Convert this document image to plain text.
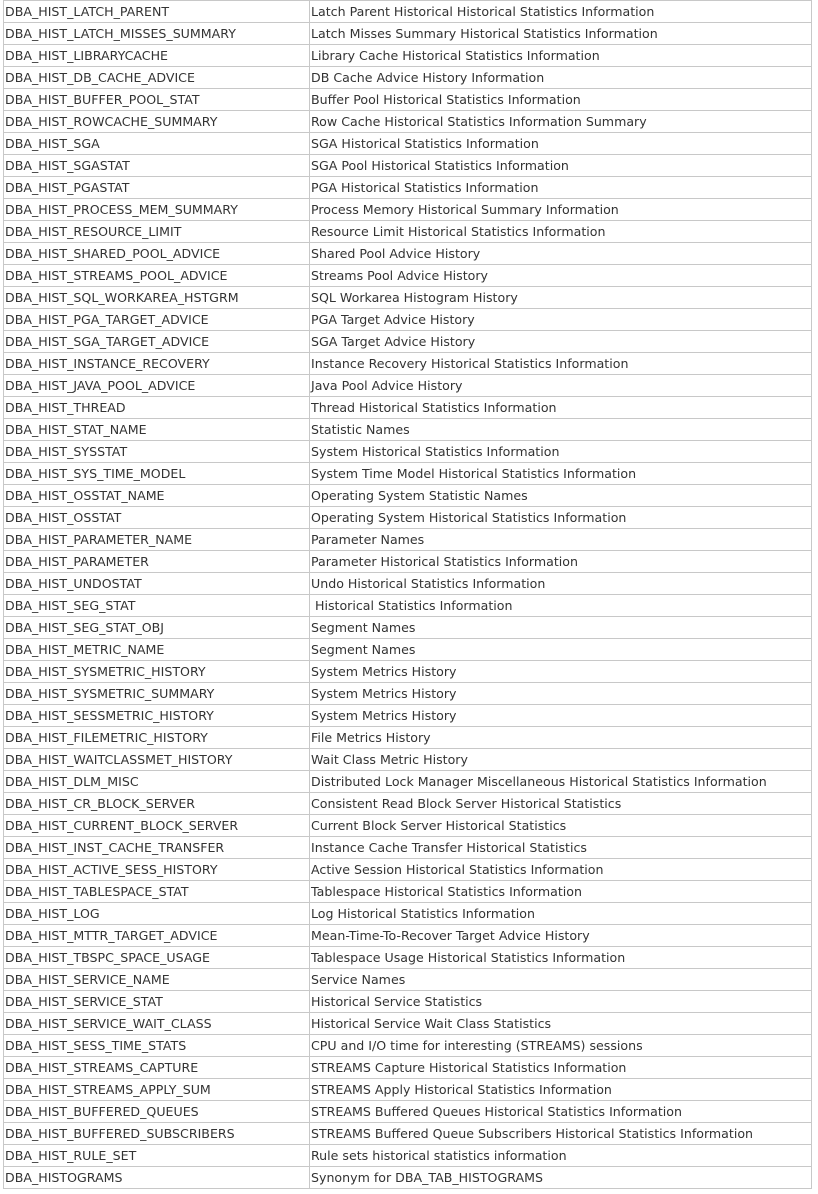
DBA_HIST_LATCH_PARENT	Latch Parent Historical Historical Statistics Information
DBA_HIST_LATCH_MISSES_SUMMARY	Latch Misses Summary Historical Statistics Information
DBA_HIST_LIBRARYCACHE	Library Cache Historical Statistics Information
DBA_HIST_DB_CACHE_ADVICE	DB Cache Advice History Information
DBA_HIST_BUFFER_POOL_STAT	Buffer Pool Historical Statistics Information
DBA_HIST_ROWCACHE_SUMMARY	Row Cache Historical Statistics Information Summary
DBA_HIST_SGA	SGA Historical Statistics Information
DBA_HIST_SGASTAT	SGA Pool Historical Statistics Information
DBA_HIST_PGASTAT	PGA Historical Statistics Information
DBA_HIST_PROCESS_MEM_SUMMARY	Process Memory Historical Summary Information
DBA_HIST_RESOURCE_LIMIT	Resource Limit Historical Statistics Information
DBA_HIST_SHARED_POOL_ADVICE	Shared Pool Advice History
DBA_HIST_STREAMS_POOL_ADVICE	Streams Pool Advice History
DBA_HIST_SQL_WORKAREA_HSTGRM	SQL Workarea Histogram History
DBA_HIST_PGA_TARGET_ADVICE	PGA Target Advice History
DBA_HIST_SGA_TARGET_ADVICE	SGA Target Advice History
DBA_HIST_INSTANCE_RECOVERY	Instance Recovery Historical Statistics Information
DBA_HIST_JAVA_POOL_ADVICE	Java Pool Advice History
DBA_HIST_THREAD	Thread Historical Statistics Information
DBA_HIST_STAT_NAME	Statistic Names
DBA_HIST_SYSSTAT	System Historical Statistics Information
DBA_HIST_SYS_TIME_MODEL	System Time Model Historical Statistics Information
DBA_HIST_OSSTAT_NAME	Operating System Statistic Names
DBA_HIST_OSSTAT	Operating System Historical Statistics Information
DBA_HIST_PARAMETER_NAME	Parameter Names
DBA_HIST_PARAMETER	Parameter Historical Statistics Information
DBA_HIST_UNDOSTAT	Undo Historical Statistics Information
DBA_HIST_SEG_STAT	Historical Statistics Information
DBA_HIST_SEG_STAT_OBJ	Segment Names
DBA_HIST_METRIC_NAME	Segment Names
DBA_HIST_SYSMETRIC_HISTORY	System Metrics History
DBA_HIST_SYSMETRIC_SUMMARY	System Metrics History
DBA_HIST_SESSMETRIC_HISTORY	System Metrics History
DBA_HIST_FILEMETRIC_HISTORY	File Metrics History
DBA_HIST_WAITCLASSMET_HISTORY	Wait Class Metric History
DBA_HIST_DLM_MISC	Distributed Lock Manager Miscellaneous Historical Statistics Information
DBA_HIST_CR_BLOCK_SERVER	Consistent Read Block Server Historical Statistics
DBA_HIST_CURRENT_BLOCK_SERVER	Current Block Server Historical Statistics
DBA_HIST_INST_CACHE_TRANSFER	Instance Cache Transfer Historical Statistics
DBA_HIST_ACTIVE_SESS_HISTORY	Active Session Historical Statistics Information
DBA_HIST_TABLESPACE_STAT	Tablespace Historical Statistics Information
DBA_HIST_LOG	Log Historical Statistics Information
DBA_HIST_MTTR_TARGET_ADVICE	Mean-Time-To-Recover Target Advice History
DBA_HIST_TBSPC_SPACE_USAGE	Tablespace Usage Historical Statistics Information
DBA_HIST_SERVICE_NAME	Service Names
DBA_HIST_SERVICE_STAT	Historical Service Statistics
DBA_HIST_SERVICE_WAIT_CLASS	Historical Service Wait Class Statistics
DBA_HIST_SESS_TIME_STATS	CPU and I/O time for interesting (STREAMS) sessions
DBA_HIST_STREAMS_CAPTURE	STREAMS Capture Historical Statistics Information
DBA_HIST_STREAMS_APPLY_SUM	STREAMS Apply Historical Statistics Information
DBA_HIST_BUFFERED_QUEUES	STREAMS Buffered Queues Historical Statistics Information
DBA_HIST_BUFFERED_SUBSCRIBERS	STREAMS Buffered Queue Subscribers Historical Statistics Information
DBA_HIST_RULE_SET	Rule sets historical statistics information
DBA_HISTOGRAMS	Synonym for DBA_TAB_HISTOGRAMS
